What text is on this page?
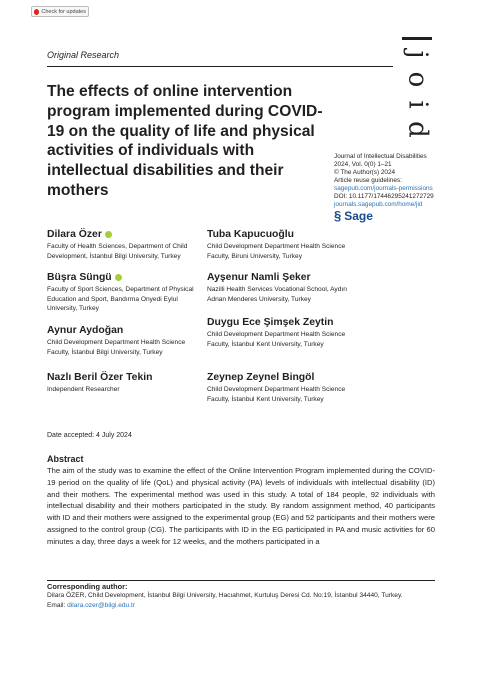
Check for updates
Original Research	j
o
i
d
The effects of online intervention program implemented during COVID-19 on the quality of life and physical activities of individuals with intellectual disabilities and their mothers
Journal of Intellectual Disabilities
2024, Vol. 0(0) 1–21
© The Author(s) 2024
Article reuse guidelines:
sagepub.com/journals-permissions
DOI: 10.1177/17446295241272729
journals.sagepub.com/home/jid
§ Sage
Dilara Özer
Faculty of Health Sciences, Department of Child Development, İstanbul Bilgi University, Turkey
Büşra Süngü
Faculty of Sport Sciences, Department of Physical Education and Sport, Bandırma Onyedi Eylul University, Turkey
Aynur Aydoğan
Child Development Department Health Science Faculty, İstanbul Bilgi University, Turkey
Nazlı Beril Özer Tekin
Independent Researcher
Tuba Kapucuoğlu
Child Development Department Health Science Faculty, Biruni University, Turkey
Ayşenur Namli Şeker
Nazilli Health Services Vocational School, Aydın Adnan Menderes University, Turkey
Duygu Ece Şimşek Zeytin
Child Development Department Health Science Faculty, İstanbul Kent University, Turkey
Zeynep Zeynel Bingöl
Child Development Department Health Science Faculty, İstanbul Kent University, Turkey
Date accepted: 4 July 2024
Abstract
The aim of the study was to examine the effect of the Online Intervention Program implemented during the COVID-19 period on the quality of life (QoL) and physical activity (PA) levels of individuals with intellectual disability (ID) and their mothers. The experimental method was used in this study. A total of 184 people, 92 individuals with intellectual disability and their mothers participated in the study. By random assignment method, 40 participants with ID and their mothers were assigned to the experimental group (EG) and 52 participants and their mothers were assigned to the control group (CG). The participants with ID in the EG participated in PA and music activities for 60 minutes a day, three days a week for 12 weeks, and the mothers participated in a
Corresponding author:
Dilara ÖZER, Child Development, İstanbul Bilgi University, Hacıahmet, Kurtuluş Deresi Cd. No:19, İstanbul 34440, Turkey.
Email: dilara.ozer@bilgi.edu.tr
